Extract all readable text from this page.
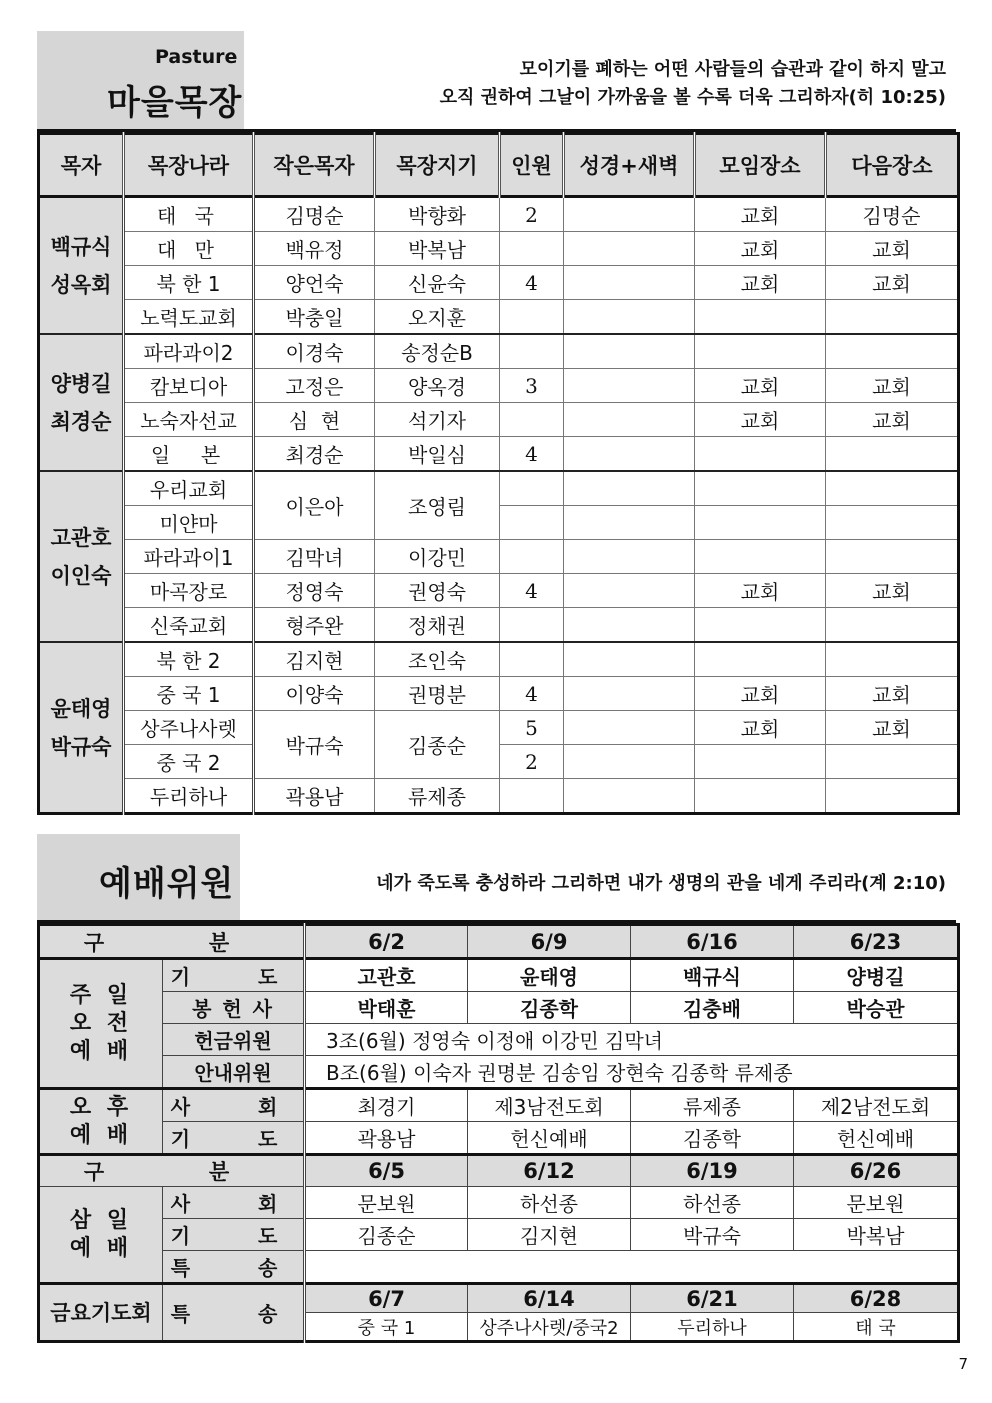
Pasture
마을목장
모이기를 폐하는 어떤 사람들의 습관과 같이 하지 말고
오직 권하여 그날이 가까움을 볼 수록 더욱 그리하자(히 10:25)
목자	목장나라	작은목자	목장지기	인원	성경+새벽	모임장소	다음장소

백규식
성옥회	태 국	김명순	박향화	2		교회	김명순
	대 만	백유정	박복남			교회	교회
	북 한 1	양언숙	신윤숙	4		교회	교회
	노력도교회	박충일	오지훈				

양병길
최경순	파라과이2	이경숙	송정순B				
	캄보디아	고정은	양옥경	3		교회	교회
	노숙자선교	심  현	석기자			교회	교회
	일  본	최경순	박일심	4			

고관호
이인숙	우리교회	이은아	조영림				
	미얀마						
	파라과이1	김막녀	이강민				
	마곡장로	정영숙	권영숙	4		교회	교회
	신죽교회	형주완	정채권				

윤태영
박규숙	북 한 2	김지현	조인숙				
	중 국 1	이양숙	권명분	4		교회	교회
	상주나사렛	박규숙	김종순	5		교회	교회
	중 국 2			2			
	두리하나	곽용남	류제종				
예배위원	네가 죽도록 충성하라 그리하면 내가 생명의 관을 네게 주리라(계 2:10)
구  분		6/2	6/9	6/16	6/23

주 일
오 전
예 배	기  도	고관호	윤태영	백규식	양병길
	봉 헌 사	박태훈	김종학	김충배	박승관
	헌금위원	3조(6월) 정영숙 이정애 이강민 김막녀			
	안내위원	B조(6월) 이숙자 권명분 김송임 장현숙 김종학 류제종			

오 후
예 배	사  회	최경기	제3남전도회	류제종	제2남전도회
	기  도	곽용남	헌신예배	김종학	헌신예배
구  분		6/5	6/12	6/19	6/26

삼 일
예 배	사  회	문보원	하선종	하선종	문보원
	기  도	김종순	김지현	박규숙	박복남
	특  송				
금요기도회	특  송	6/7	6/14	6/21	6/28
		중 국 1	상주나사렛/중국2	두리하나	태 국
7
